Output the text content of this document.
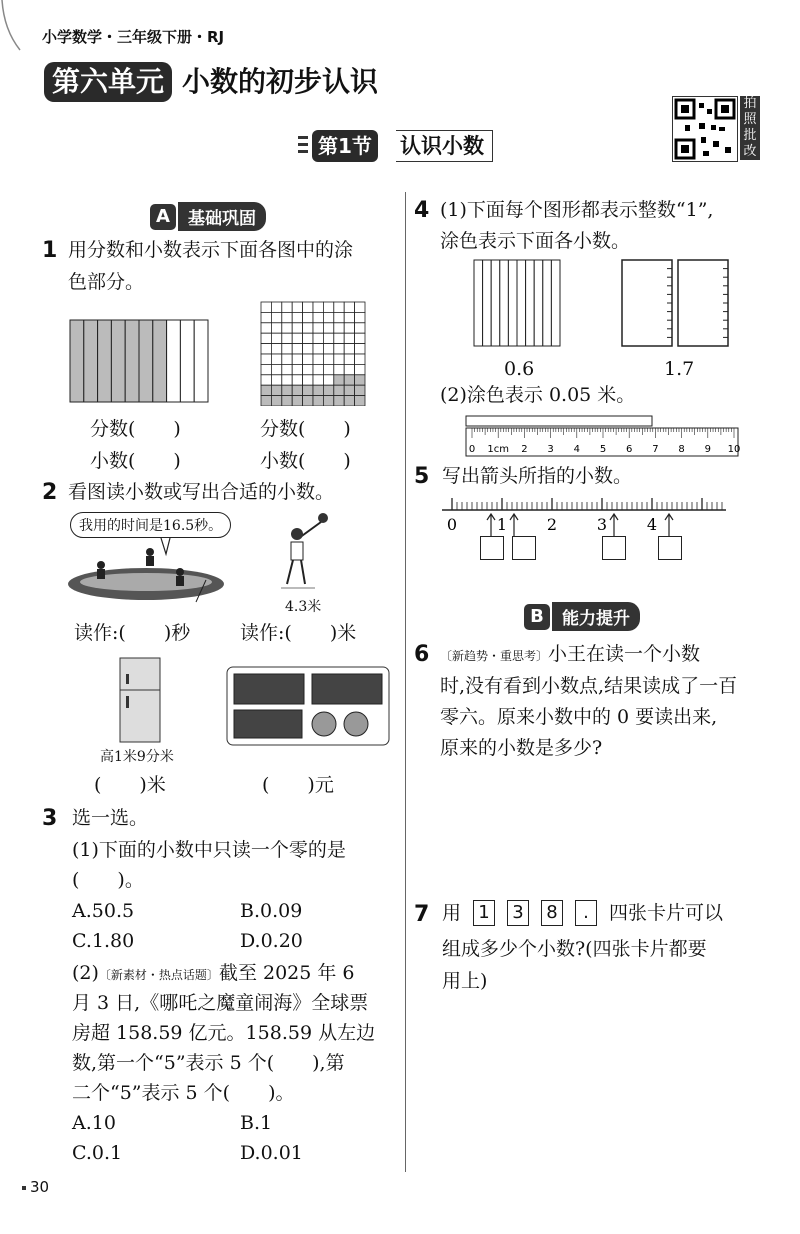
小学数学・三年级下册・RJ
第六单元 小数的初步认识
拍照批改
第1节 认识小数
A	基础巩固
1 用分数和小数表示下面各图中的涂
色部分。
分数(　　)	分数(　　)
小数(　　)	小数(　　)
2 看图读小数或写出合适的小数。
我用的时间是16.5秒。
4.3米
读作:(　　)秒	读作:(　　)米
高1米9分米
(　　)米	(　　)元
3 选一选。
(1)下面的小数中只读一个零的是
(　　)。
A.50.5	B.0.09
C.1.80	D.0.20
(2)〔新素材・热点话题〕截至 2025 年 6
月 3 日,《哪吒之魔童闹海》全球票
房超 158.59 亿元。158.59 从左边
数,第一个“5”表示 5 个(　　),第
二个“5”表示 5 个(　　)。
A.10	B.1
C.0.1	D.0.01
4 (1)下面每个图形都表示整数“1”,
涂色表示下面各小数。
0.6	1.7
(2)涂色表示 0.05 米。
0 1cm 2 3 4 5 6 7 8 9 10
5 写出箭头所指的小数。
0 1 2 3 4
B	能力提升
6 〔新趋势・重思考〕小王在读一个小数
时,没有看到小数点,结果读成了一百
零六。原来小数中的 0 要读出来,
原来的小数是多少?
7 用 1 3 8	.	四张卡片可以
组成多少个小数?(四张卡片都要
用上)
30
